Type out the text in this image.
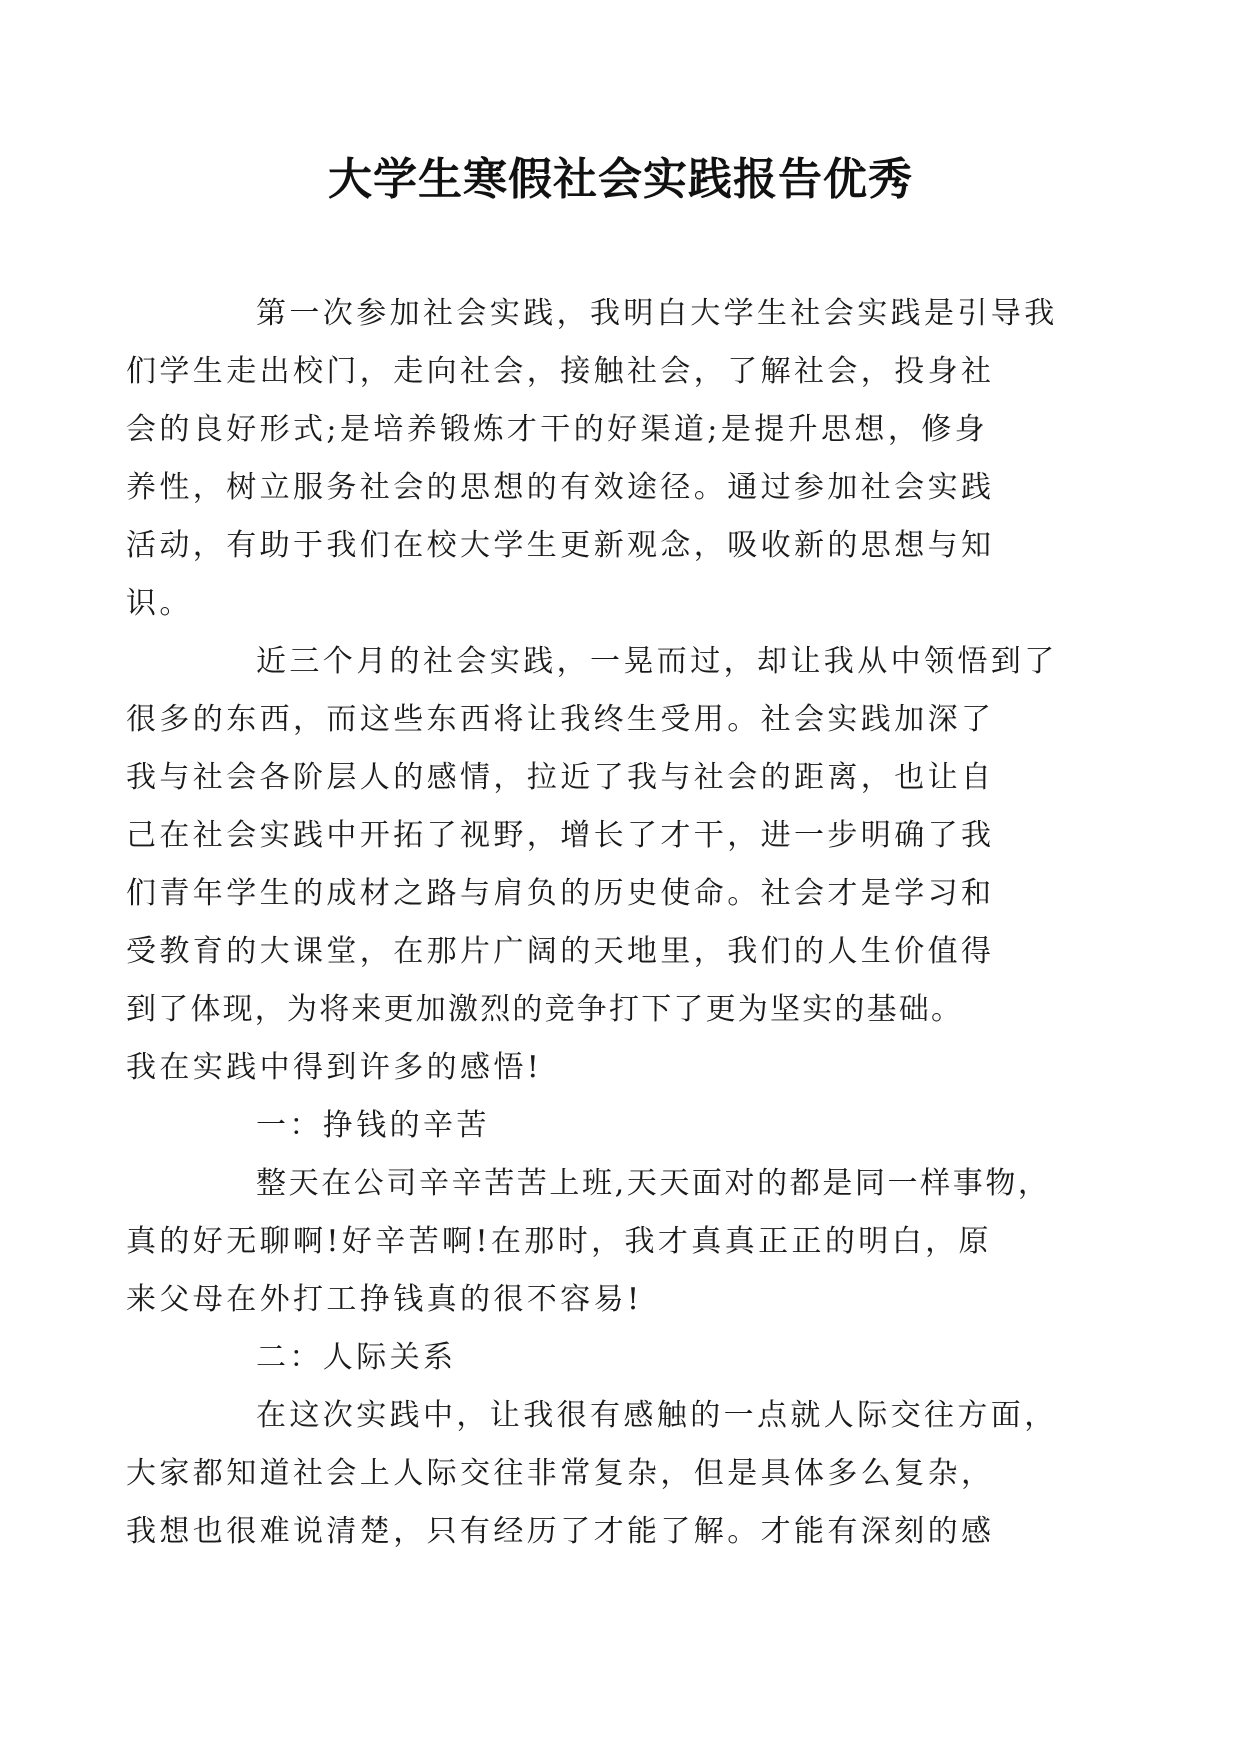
大学生寒假社会实践报告优秀

第一次参加社会实践，我明白大学生社会实践是引导我
们学生走出校门，走向社会，接触社会，了解社会，投身社
会的良好形式;是培养锻炼才干的好渠道;是提升思想，修身
养性，树立服务社会的思想的有效途径。通过参加社会实践
活动，有助于我们在校大学生更新观念，吸收新的思想与知
识。

近三个月的社会实践，一晃而过，却让我从中领悟到了
很多的东西，而这些东西将让我终生受用。社会实践加深了
我与社会各阶层人的感情，拉近了我与社会的距离，也让自
己在社会实践中开拓了视野，增长了才干，进一步明确了我
们青年学生的成材之路与肩负的历史使命。社会才是学习和
受教育的大课堂，在那片广阔的天地里，我们的人生价值得
到了体现，为将来更加激烈的竞争打下了更为坚实的基础。
我在实践中得到许多的感悟!

一：挣钱的辛苦

整天在公司辛辛苦苦上班,天天面对的都是同一样事物，
真的好无聊啊!好辛苦啊!在那时，我才真真正正的明白，原
来父母在外打工挣钱真的很不容易!

二：人际关系

在这次实践中，让我很有感触的一点就人际交往方面，
大家都知道社会上人际交往非常复杂，但是具体多么复杂，
我想也很难说清楚，只有经历了才能了解。才能有深刻的感
